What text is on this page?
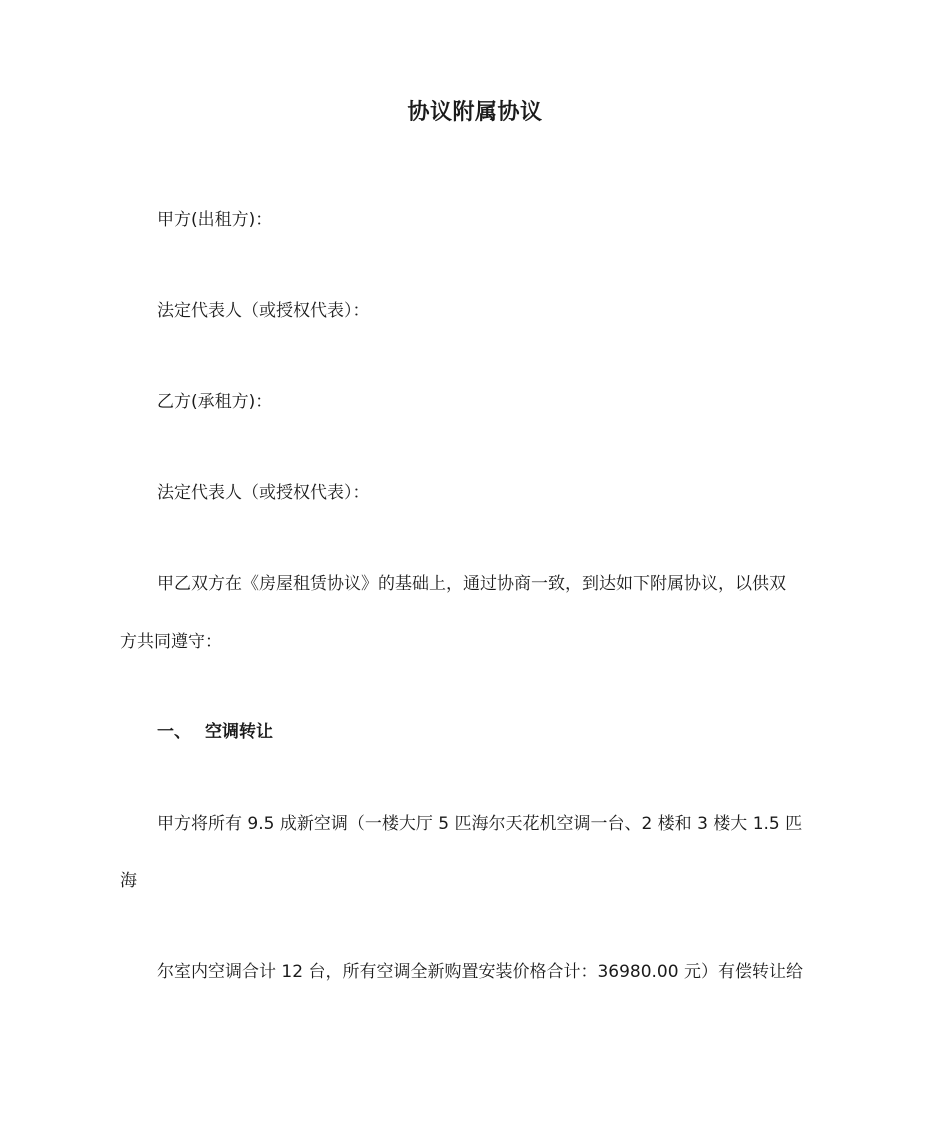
协议附属协议
甲方(出租方)：
法定代表人（或授权代表）：
乙方(承租方)：
法定代表人（或授权代表）：
甲乙双方在《房屋租赁协议》的基础上，通过协商一致，到达如下附属协议，以供双
方共同遵守：
一、 空调转让
甲方将所有 9.5 成新空调（一楼大厅 5 匹海尔天花机空调一台、2 楼和 3 楼大 1.5 匹
海
尔室内空调合计 12 台，所有空调全新购置安装价格合计：36980.00 元）有偿转让给
